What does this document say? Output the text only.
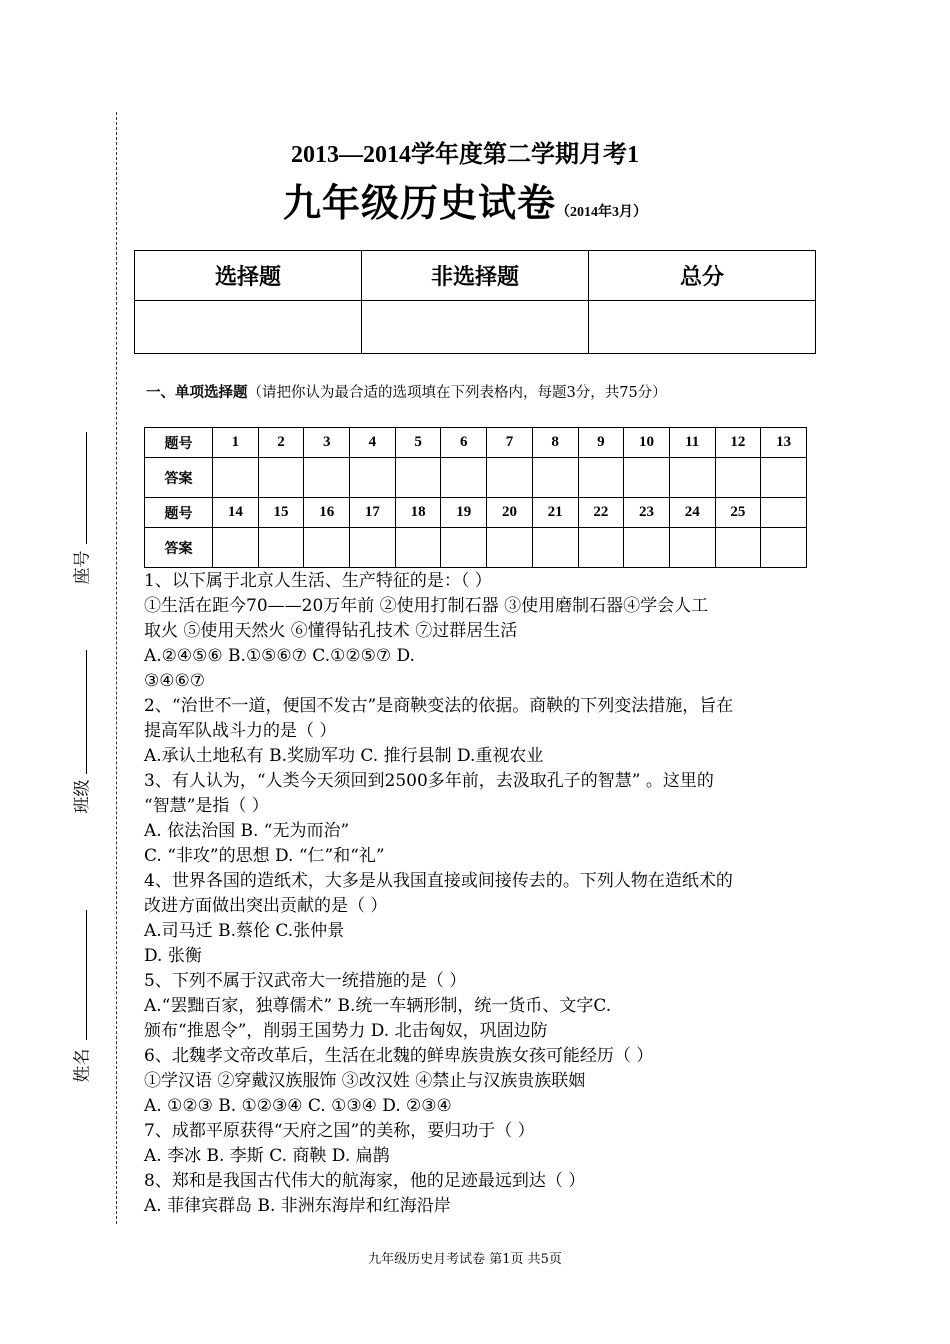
座号
班级
姓名
2013—2014学年度第二学期月考1
九年级历史试卷（2014年3月）
选择题	非选择题	总分

一、单项选择题（请把你认为最合适的选项填在下列表格内，每题3分，共75分）
题号	1	2	3	4	5	6	7	8	9	10	11	12	13
答案													
题号	14	15	16	17	18	19	20	21	22	23	24	25	
答案													
1、以下属于北京人生活、生产特征的是：（ ）
①生活在距今70——20万年前 ②使用打制石器 ③使用磨制石器④学会人工
取火 ⑤使用天然火 ⑥懂得钻孔技术 ⑦过群居生活
A.②④⑤⑥ B.①⑤⑥⑦ C.①②⑤⑦ D.
③④⑥⑦
2、“治世不一道，便国不发古”是商鞅变法的依据。商鞅的下列变法措施，旨在
提高军队战斗力的是（ ）
A.承认土地私有 B.奖励军功 C. 推行县制 D.重视农业
3、有人认为，“人类今天须回到2500多年前，去汲取孔子的智慧” 。这里的
“智慧”是指（ ）
A. 依法治国 B. “无为而治”
C. “非攻”的思想 D. “仁”和“礼”
4、世界各国的造纸术，大多是从我国直接或间接传去的。下列人物在造纸术的
改进方面做出突出贡献的是（ ）
A.司马迁 B.蔡伦 C.张仲景
D. 张衡
5、下列不属于汉武帝大一统措施的是（ ）
A.“罢黜百家，独尊儒术” B.统一车辆形制，统一货币、文字C.
颁布“推恩令”，削弱王国势力 D. 北击匈奴，巩固边防
6、北魏孝文帝改革后，生活在北魏的鲜卑族贵族女孩可能经历（ ）
①学汉语 ②穿戴汉族服饰 ③改汉姓 ④禁止与汉族贵族联姻
A. ①②③ B. ①②③④ C. ①③④ D. ②③④
7、成都平原获得“天府之国”的美称，要归功于（ ）
A. 李冰 B. 李斯 C. 商鞅 D. 扁鹊
8、郑和是我国古代伟大的航海家，他的足迹最远到达（ ）
A. 菲律宾群岛 B. 非洲东海岸和红海沿岸
九年级历史月考试卷 第1页 共5页
